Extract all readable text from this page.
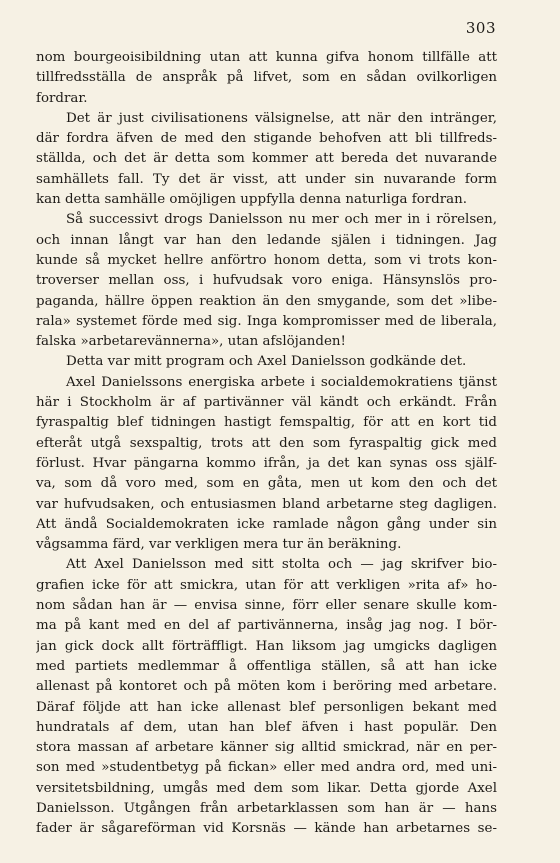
303
nom bourgeoisibildning utan att kunna gifva honom tillfälle att
tillfredsställa de anspråk på lifvet, som en sådan ovilkorligen
fordrar.
Det är just civilisationens välsignelse, att när den intränger,
där fordra äfven de med den stigande behofven att bli tillfreds-
ställda, och det är detta som kommer att bereda det nuvarande
samhällets fall. Ty det är visst, att under sin nuvarande form
kan detta samhälle omöjligen uppfylla denna naturliga fordran.
Så successivt drogs Danielsson nu mer och mer in i rörelsen,
och innan långt var han den ledande själen i tidningen. Jag
kunde så mycket hellre anförtro honom detta, som vi trots kon-
troverser mellan oss, i hufvudsak voro eniga. Hänsynslös pro-
paganda, hällre öppen reaktion än den smygande, som det »libe-
rala» systemet förde med sig. Inga kompromisser med de liberala,
falska »arbetarevännerna», utan afslöjanden!
Detta var mitt program och Axel Danielsson godkände det.
Axel Danielssons energiska arbete i socialdemokratiens tjänst
här i Stockholm är af partivänner väl kändt och erkändt. Från
fyraspaltig blef tidningen hastigt femspaltig, för att en kort tid
efteråt utgå sexspaltig, trots att den som fyraspaltig gick med
förlust. Hvar pängarna kommo ifrån, ja det kan synas oss själf-
va, som då voro med, som en gåta, men ut kom den och det
var hufvudsaken, och entusiasmen bland arbetarne steg dagligen.
Att ändå Socialdemokraten icke ramlade någon gång under sin
vågsamma färd, var verkligen mera tur än beräkning.
Att Axel Danielsson med sitt stolta och — jag skrifver bio-
grafien icke för att smickra, utan för att verkligen »rita af» ho-
nom sådan han är — envisa sinne, förr eller senare skulle kom-
ma på kant med en del af partivännerna, insåg jag nog. I bör-
jan gick dock allt förträffligt. Han liksom jag umgicks dagligen
med partiets medlemmar å offentliga ställen, så att han icke
allenast på kontoret och på möten kom i beröring med arbetare.
Däraf följde att han icke allenast blef personligen bekant med
hundratals af dem, utan han blef äfven i hast populär. Den
stora massan af arbetare känner sig alltid smickrad, när en per-
son med »studentbetyg på fickan» eller med andra ord, med uni-
versitetsbildning, umgås med dem som likar. Detta gjorde Axel
Danielsson. Utgången från arbetarklassen som han är — hans
fader är sågareförman vid Korsnäs — kände han arbetarnes se-
